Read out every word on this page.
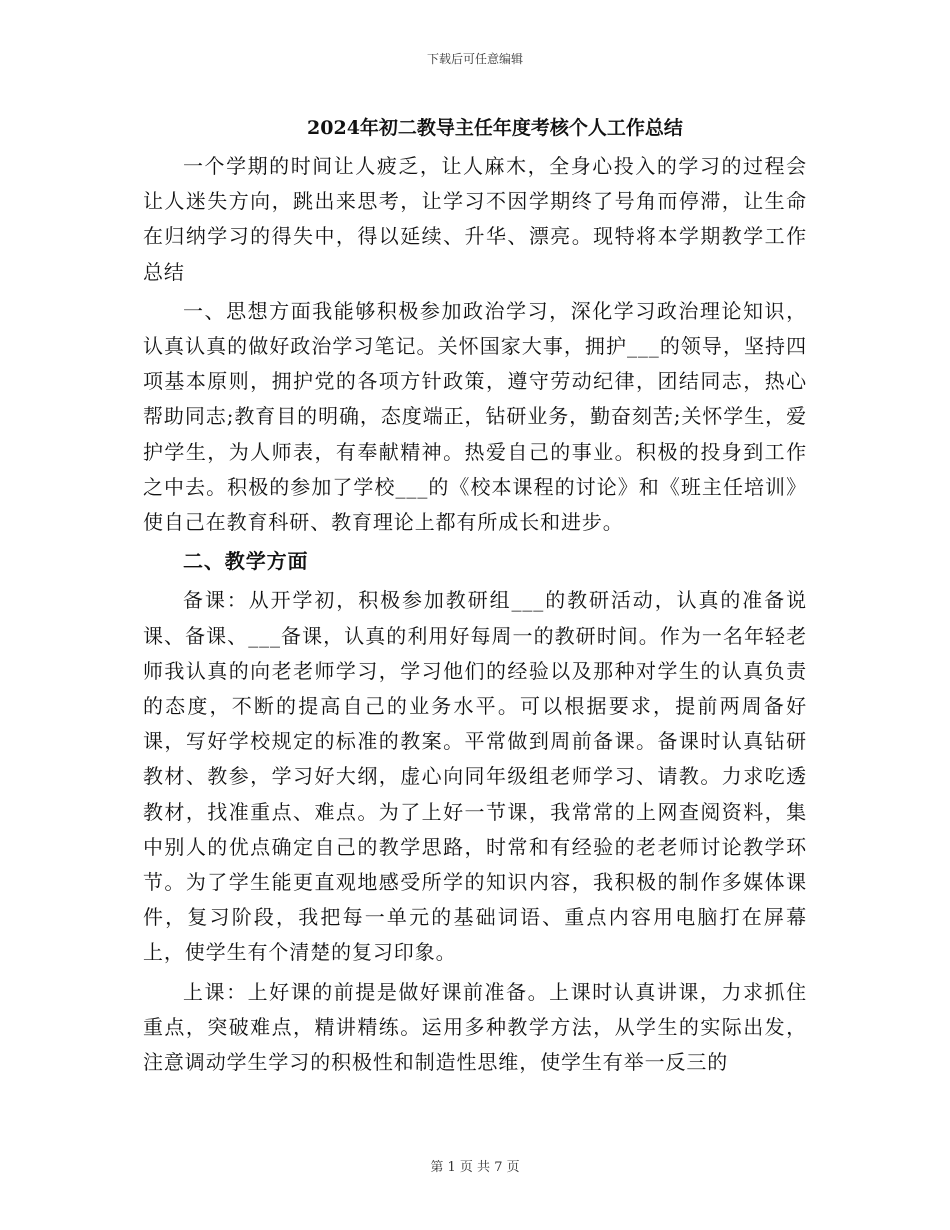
下载后可任意编辑
2024年初二教导主任年度考核个人工作总结

一个学期的时间让人疲乏，让人麻木，全身心投入的学习的过程会让人迷失方向，跳出来思考，让学习不因学期终了号角而停滞，让生命在归纳学习的得失中，得以延续、升华、漂亮。现特将本学期教学工作总结

一、思想方面我能够积极参加政治学习，深化学习政治理论知识，认真认真的做好政治学习笔记。关怀国家大事，拥护___的领导，坚持四项基本原则，拥护党的各项方针政策，遵守劳动纪律，团结同志，热心帮助同志;教育目的明确，态度端正，钻研业务，勤奋刻苦;关怀学生，爱护学生，为人师表，有奉献精神。热爱自己的事业。积极的投身到工作之中去。积极的参加了学校___的《校本课程的讨论》和《班主任培训》使自己在教育科研、教育理论上都有所成长和进步。

二、教学方面

备课：从开学初，积极参加教研组___的教研活动，认真的准备说课、备课、___备课，认真的利用好每周一的教研时间。作为一名年轻老师我认真的向老老师学习，学习他们的经验以及那种对学生的认真负责的态度，不断的提高自己的业务水平。可以根据要求，提前两周备好课，写好学校规定的标准的教案。平常做到周前备课。备课时认真钻研教材、教参，学习好大纲，虚心向同年级组老师学习、请教。力求吃透教材，找准重点、难点。为了上好一节课，我常常的上网查阅资料，集中别人的优点确定自己的教学思路，时常和有经验的老老师讨论教学环节。为了学生能更直观地感受所学的知识内容，我积极的制作多媒体课件，复习阶段，我把每一单元的基础词语、重点内容用电脑打在屏幕上，使学生有个清楚的复习印象。

上课：上好课的前提是做好课前准备。上课时认真讲课，力求抓住重点，突破难点，精讲精练。运用多种教学方法，从学生的实际出发，注意调动学生学习的积极性和制造性思维，使学生有举一反三的

第 1 页 共 7 页
